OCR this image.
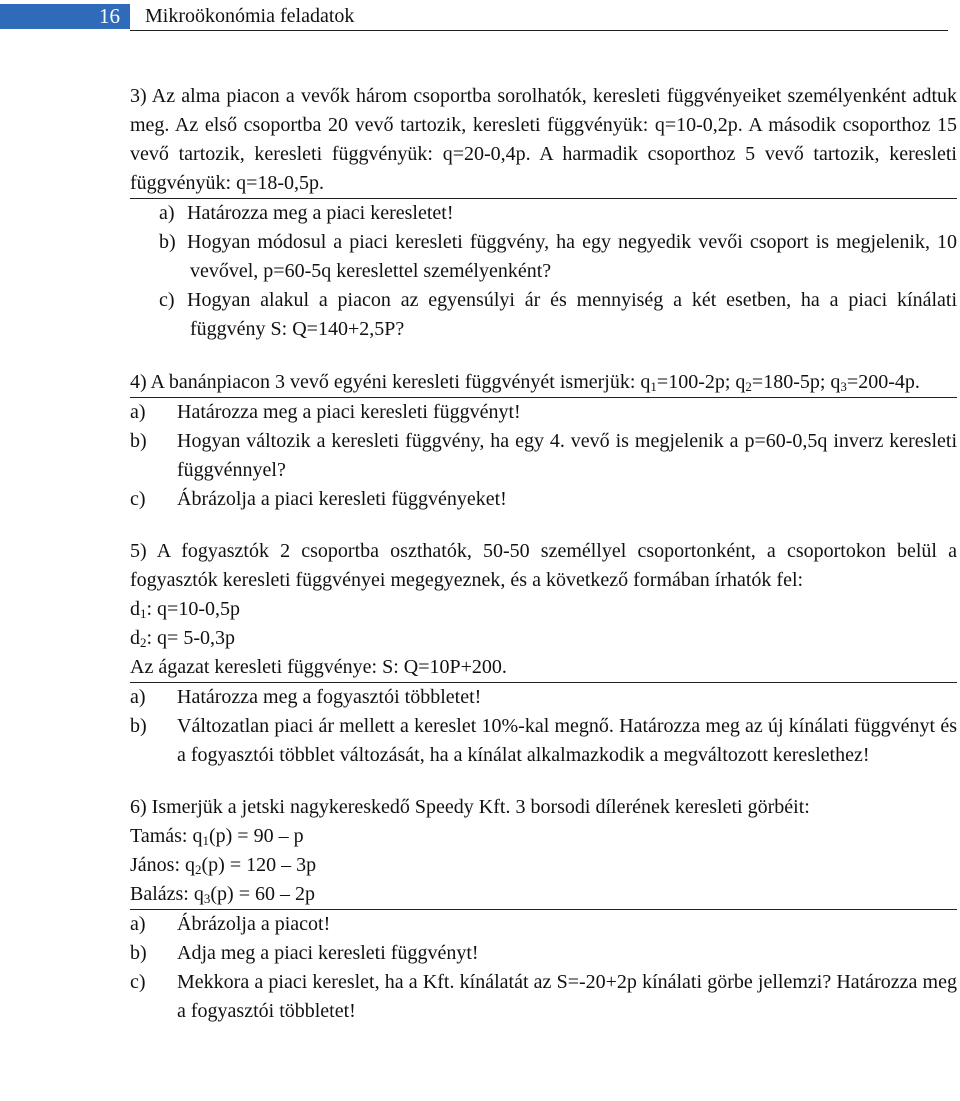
16	Mikroökonómia feladatok
3) Az alma piacon a vevők három csoportba sorolhatók, keresleti függvényeiket személyenként adtuk meg. Az első csoportba 20 vevő tartozik, keresleti függvényük: q=10-0,2p. A második csoporthoz 15 vevő tartozik, keresleti függvényük: q=20-0,4p. A harmadik csoporthoz 5 vevő tartozik, keresleti függvényük: q=18-0,5p.
a) Határozza meg a piaci keresletet!
b) Hogyan módosul a piaci keresleti függvény, ha egy negyedik vevői csoport is megjelenik, 10 vevővel, p=60-5q kereslettel személyenként?
c) Hogyan alakul a piacon az egyensúlyi ár és mennyiség a két esetben, ha a piaci kínálati függvény S: Q=140+2,5P?
4) A banánpiacon 3 vevő egyéni keresleti függvényét ismerjük: $q_1=100-2p$; $q_2=180-5p$; $q_3=200-4p$.
a) Határozza meg a piaci keresleti függvényt!
b) Hogyan változik a keresleti függvény, ha egy 4. vevő is megjelenik a p=60-0,5q inverz keresleti függvénnyel?
c) Ábrázolja a piaci keresleti függvényeket!
5) A fogyasztók 2 csoportba oszthatók, 50-50 személlyel csoportonként, a csoportokon belül a fogyasztók keresleti függvényei megegyeznek, és a következő formában írhatók fel:
$d_1$: q=10-0,5p
$d_2$: q= 5-0,3p
Az ágazat keresleti függvénye: S: Q=10P+200.
a) Határozza meg a fogyasztói többletet!
b) Változatlan piaci ár mellett a kereslet 10%-kal megnő. Határozza meg az új kínálati függvényt és a fogyasztói többlet változását, ha a kínálat alkalmazkodik a megváltozott kereslethez!
6) Ismerjük a jetski nagykereskedő Speedy Kft. 3 borsodi dílerének keresleti görbéit:
Tamás: $q_1(p) = 90 - p$
János: $q_2(p) = 120 - 3p$
Balázs: $q_3(p) = 60 - 2p$
a) Ábrázolja a piacot!
b) Adja meg a piaci keresleti függvényt!
c) Mekkora a piaci kereslet, ha a Kft. kínálatát az S=-20+2p kínálati görbe jellemzi? Határozza meg a fogyasztói többletet!
